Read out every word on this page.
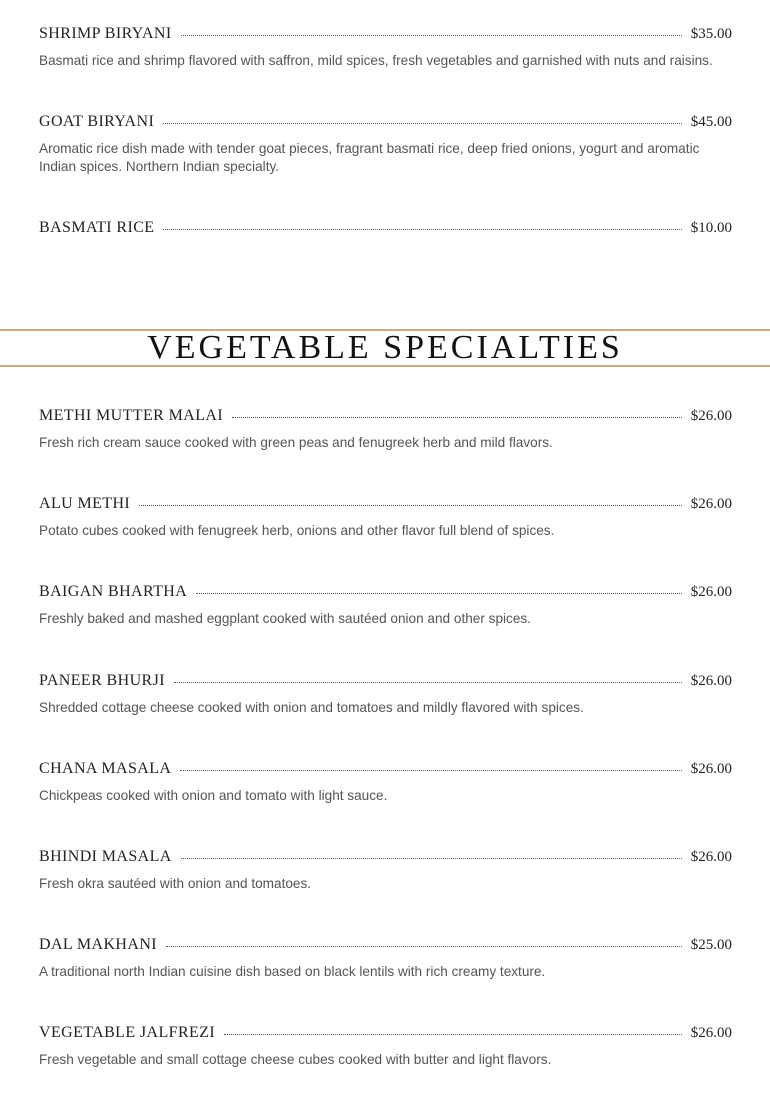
SHRIMP BIRYANI	$35.00
Basmati rice and shrimp flavored with saffron, mild spices, fresh vegetables and garnished with nuts and raisins.
GOAT BIRYANI	$45.00
Aromatic rice dish made with tender goat pieces, fragrant basmati rice, deep fried onions, yogurt and aromatic Indian spices. Northern Indian specialty.
BASMATI RICE	$10.00
VEGETABLE SPECIALTIES
METHI MUTTER MALAI	$26.00
Fresh rich cream sauce cooked with green peas and fenugreek herb and mild flavors.
ALU METHI	$26.00
Potato cubes cooked with fenugreek herb, onions and other flavor full blend of spices.
BAIGAN BHARTHA	$26.00
Freshly baked and mashed eggplant cooked with sautéed onion and other spices.
PANEER BHURJI	$26.00
Shredded cottage cheese cooked with onion and tomatoes and mildly flavored with spices.
CHANA MASALA	$26.00
Chickpeas cooked with onion and tomato with light sauce.
BHINDI MASALA	$26.00
Fresh okra sautéed with onion and tomatoes.
DAL MAKHANI	$25.00
A traditional north Indian cuisine dish based on black lentils with rich creamy texture.
VEGETABLE JALFREZI	$26.00
Fresh vegetable and small cottage cheese cubes cooked with butter and light flavors.
